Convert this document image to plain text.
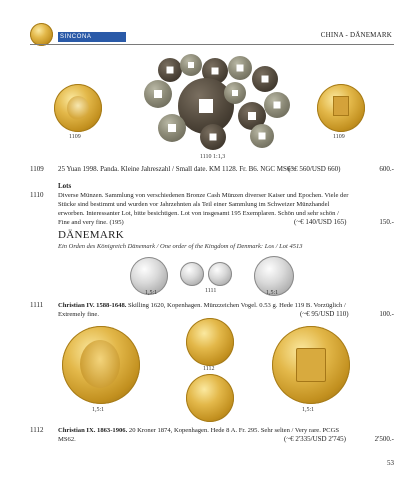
SINCONA	CHINA - DÄNEMARK
1109	1109
1110 1:1,3
1109 25 Yuan 1998. Panda. Kleine Jahreszahl / Small date. KM 1128. Fr. B6. NGC MS63.
(~€ 560/USD 660)	600.-
Lots
1110 Diverse Münzen. Sammlung von verschiedenen Bronze Cash Münzen diverser Kaiser und Epochen. Viele der
Stücke sind bestimmt und wurden vor Jahrzehnten als Teil einer Sammlung im Schweizer Münzhandel
erworben. Interessanter Lot, bitte besichtigen. Lot von insgesamt 195 Exemplaren. Schön und sehr schön /
Fine and very fine. (195)	(~€ 140/USD 165)	150.-
DÄNEMARK
Ein Orden des Königreich Dänemark / One order of the Kingdom of Denmark: Los / Lot 4513
1,5:1	1111	1,5:1
1111 Christian IV. 1588-1648. Skilling 1620, Kopenhagen. Münzzeichen Vogel. 0.53 g. Hede 119 B. Vorzüglich /
Extremely fine.	(~€ 95/USD 110)	100.-
1112
1,5:1	1,5:1
1112 Christian IX. 1863-1906. 20 Kroner 1874, Kopenhagen. Hede 8 A. Fr. 295. Sehr selten / Very rare. PCGS
MS62.	(~€ 2'335/USD 2'745)	2'500.-
53
